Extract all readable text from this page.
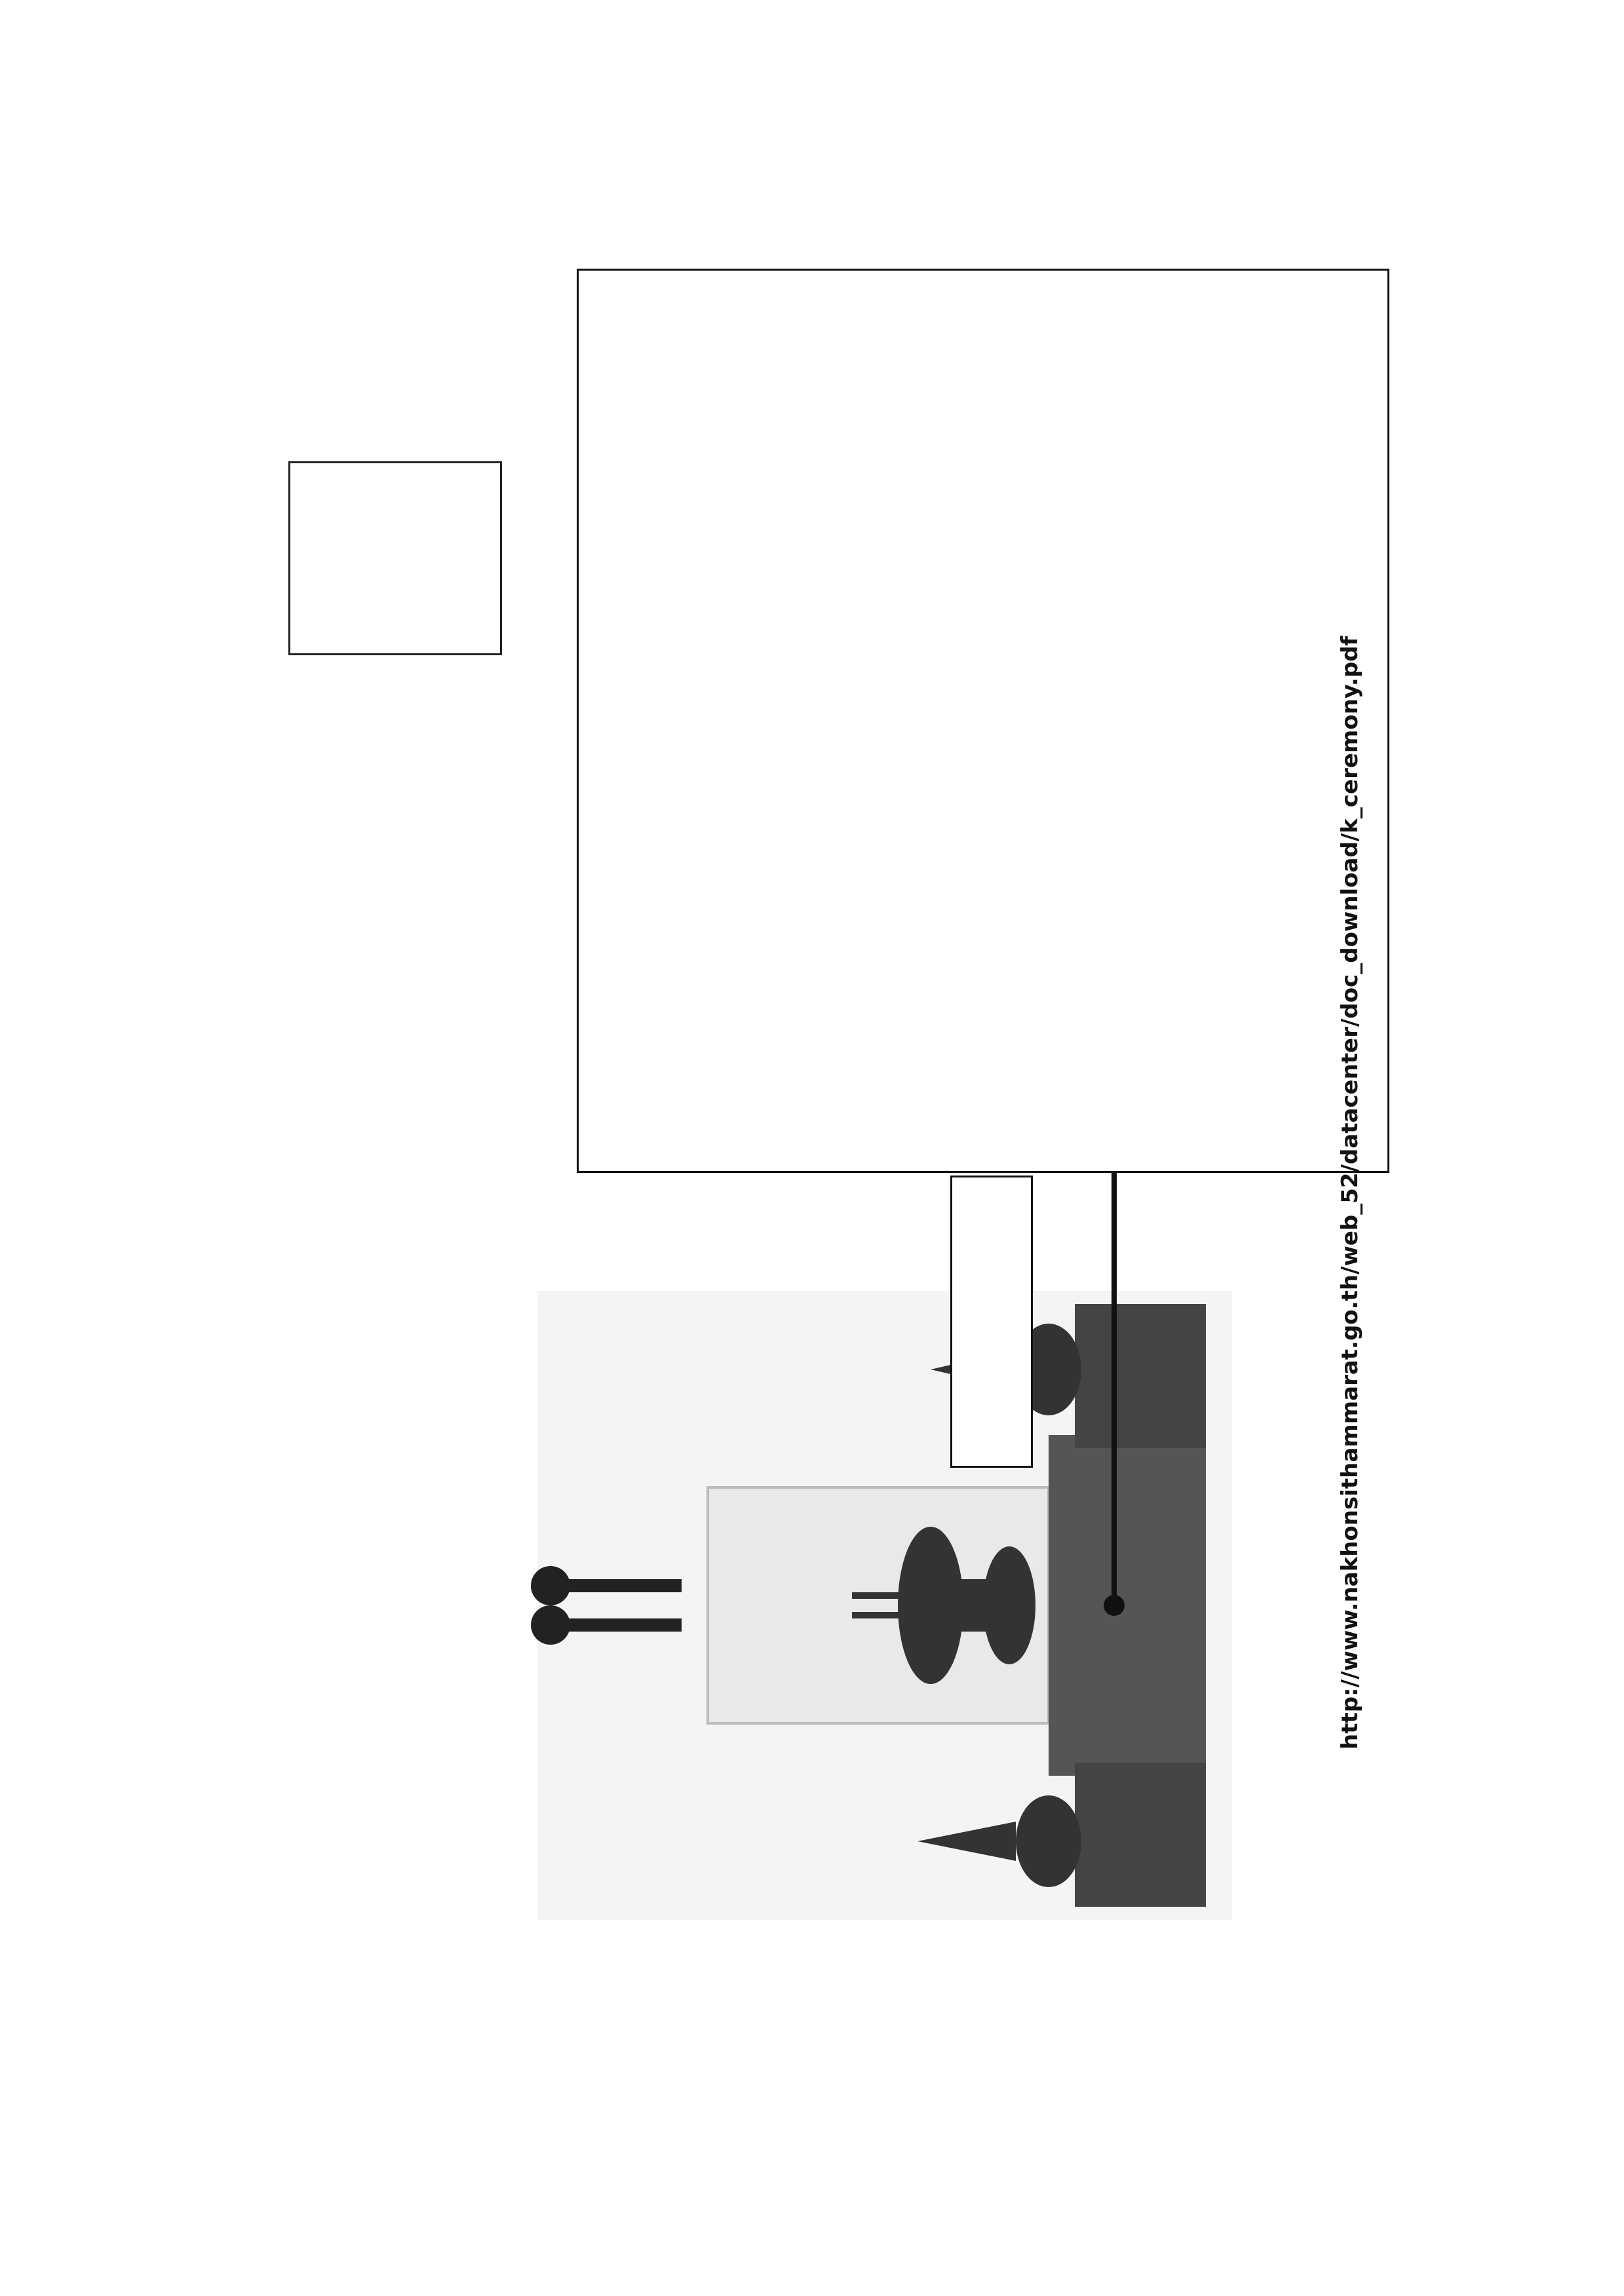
http://www.nakhonsithammarat.go.th/web_52/datacenter/doc_download/k_ceremony.pdf
